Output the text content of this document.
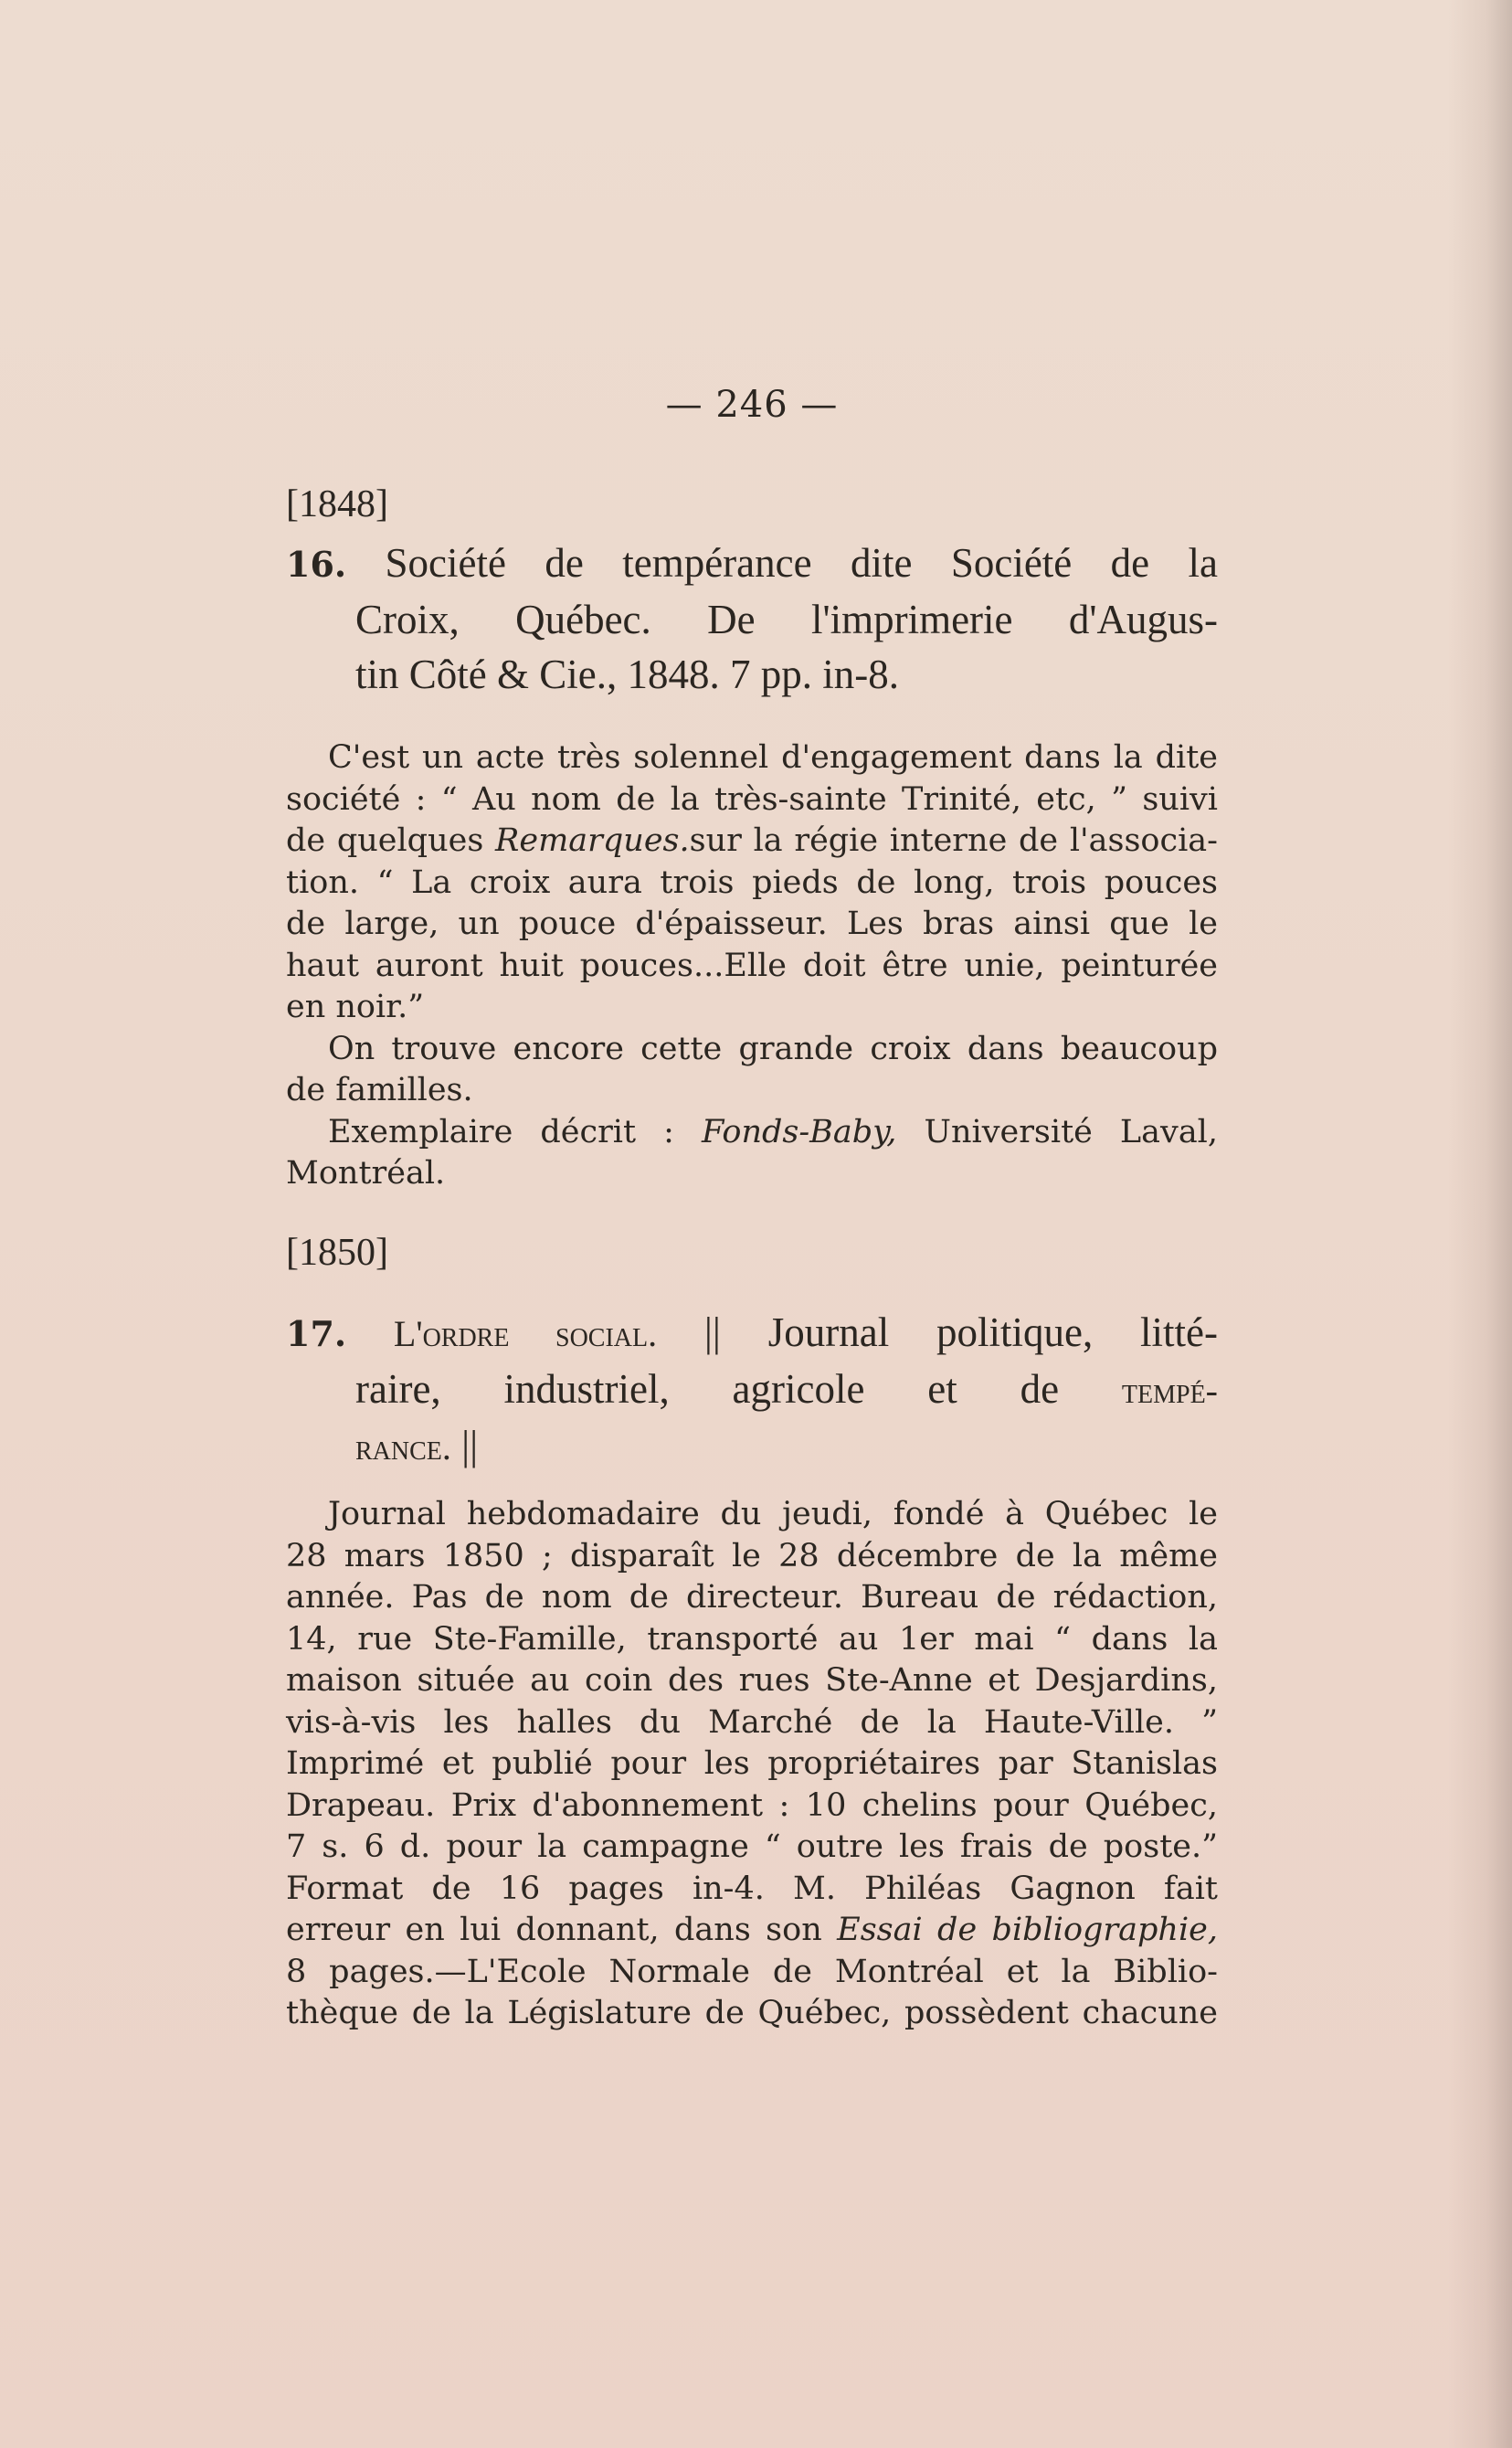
— 246 —
[1848]
16. Société de tempérance dite Société de la
Croix, Québec. De l'imprimerie d'Augus-
tin Côté & Cie., 1848. 7 pp. in-8.
C'est un acte très solennel d'engagement dans la dite
société : “ Au nom de la très-sainte Trinité, etc, ” suivi
de quelques Remarques.sur la régie interne de l'associa-
tion. “ La croix aura trois pieds de long, trois pouces
de large, un pouce d'épaisseur. Les bras ainsi que le
haut auront huit pouces...Elle doit être unie, peinturée
en noir.”
On trouve encore cette grande croix dans beaucoup
de familles.
Exemplaire décrit : Fonds-Baby, Université Laval,
Montréal.
[1850]
17. L'ordre social. || Journal politique, litté-
raire, industriel, agricole et de tempé-
rance. ||
Journal hebdomadaire du jeudi, fondé à Québec le
28 mars 1850 ; disparaît le 28 décembre de la même
année. Pas de nom de directeur. Bureau de rédaction,
14, rue Ste-Famille, transporté au 1er mai “ dans la
maison située au coin des rues Ste-Anne et Desjardins,
vis-à-vis les halles du Marché de la Haute-Ville. ”
Imprimé et publié pour les propriétaires par Stanislas
Drapeau. Prix d'abonnement : 10 chelins pour Québec,
7 s. 6 d. pour la campagne “ outre les frais de poste.”
Format de 16 pages in-4. M. Philéas Gagnon fait
erreur en lui donnant, dans son Essai de bibliographie,
8 pages.—L'Ecole Normale de Montréal et la Biblio-
thèque de la Législature de Québec, possèdent chacune
